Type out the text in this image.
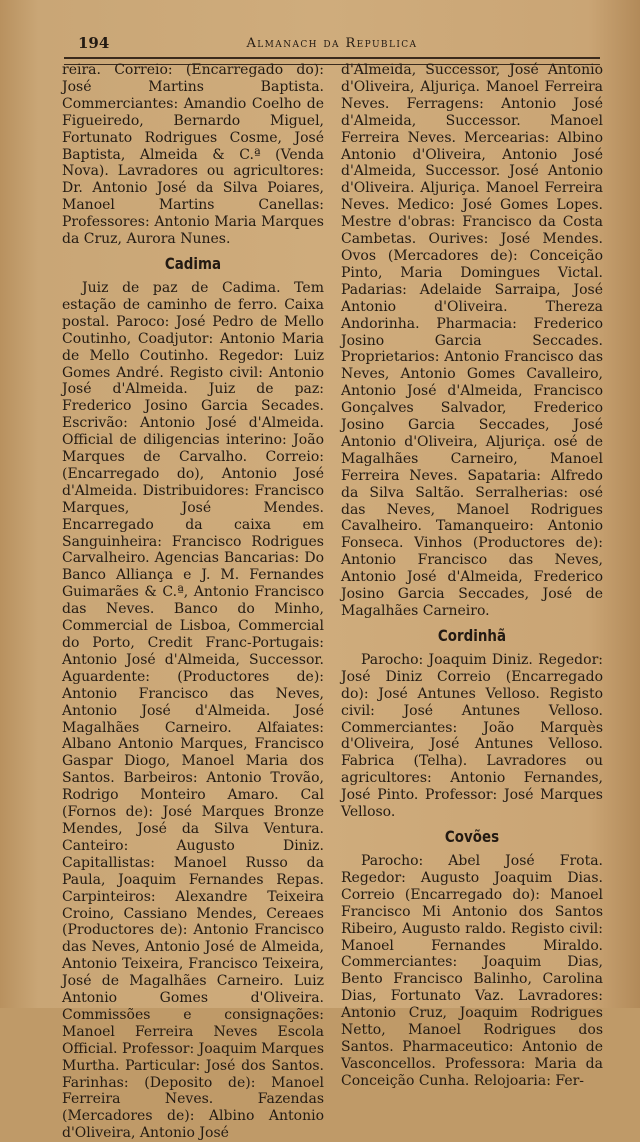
194	Almanach da Republica

reira. Correio: (Encarregado do): José Martins Baptista. Commerciantes: Amandio Coelho de Figueiredo, Bernardo Miguel, Fortunato Rodrigues Cosme, José Baptista, Almeida & C.ª (Venda Nova). Lavradores ou agricultores: Dr. Antonio José da Silva Poiares, Manoel Martins Canellas: Professores: Antonio Maria Marques da Cruz, Aurora Nunes.

Cadima

Juiz de paz de Cadima. Tem estação de caminho de ferro. Caixa postal. Paroco: José Pedro de Mello Coutinho, Coadjutor: Antonio Maria de Mello Coutinho. Regedor: Luiz Gomes André. Registo civil: Antonio José d'Almeida. Juiz de paz: Frederico Josino Garcia Secades. Escrivão: Antonio José d'Almeida. Official de diligencias interino: João Marques de Carvalho. Correio: (Encarregado do), Antonio José d'Almeida. Distribuidores: Francisco Marques, José Mendes. Encarregado da caixa em Sanguinheira: Francisco Rodrigues Carvalheiro. Agencias Bancarias: Do Banco Alliança e J. M. Fernandes Guimarães & C.ª, Antonio Francisco das Neves. Banco do Minho, Commercial de Lisboa, Commercial do Porto, Credit Franc-Portugais: Antonio José d'Almeida, Successor. Aguardente: (Productores de): Antonio Francisco das Neves, Antonio José d'Almeida. José Magalhães Carneiro. Alfaiates: Albano Antonio Marques, Francisco Gaspar Diogo, Manoel Maria dos Santos. Barbeiros: Antonio Trovão, Rodrigo Monteiro Amaro. Cal (Fornos de): José Marques Bronze Mendes, José da Silva Ventura. Canteiro: Augusto Diniz. Capitallistas: Manoel Russo da Paula, Joaquim Fernandes Repas. Carpinteiros: Alexandre Teixeira Croino, Cassiano Mendes, Cereaes (Productores de): Antonio Francisco das Neves, Antonio José de Almeida, Antonio Teixeira, Francisco Teixeira, José de Magalhães Carneiro. Luiz Antonio Gomes d'Oliveira. Commissões e consignações: Manoel Ferreira Neves Escola Official. Professor: Joaquim Marques Murtha. Particular: José dos Santos. Farinhas: (Deposito de): Manoel Ferreira Neves. Fazendas (Mercadores de): Albino Antonio d'Oliveira, Antonio José

d'Almeida, Successor, José Antonio d'Oliveira, Aljuriça. Manoel Ferreira Neves. Ferragens: Antonio José d'Almeida, Successor. Manoel Ferreira Neves. Mercearias: Albino Antonio d'Oliveira, Antonio José d'Almeida, Successor. José Antonio d'Oliveira. Aljuriça. Manoel Ferreira Neves. Medico: José Gomes Lopes. Mestre d'obras: Francisco da Costa Cambetas. Ourives: José Mendes. Ovos (Mercadores de): Conceição Pinto, Maria Domingues Victal. Padarias: Adelaide Sarraipa, José Antonio d'Oliveira. Thereza Andorinha. Pharmacia: Frederico Josino Garcia Seccades. Proprietarios: Antonio Francisco das Neves, Antonio Gomes Cavalleiro, Antonio José d'Almeida, Francisco Gonçalves Salvador, Frederico Josino Garcia Seccades, José Antonio d'Oliveira, Aljuriça. osé de Magalhães Carneiro, Manoel Ferreira Neves. Sapataria: Alfredo da Silva Saltão. Serralherias: osé das Neves, Manoel Rodrigues Cavalheiro. Tamanqueiro: Antonio Fonseca. Vinhos (Productores de): Antonio Francisco das Neves, Antonio José d'Almeida, Frederico Josino Garcia Seccades, José de Magalhães Carneiro.

Cordinhã

Parocho: Joaquim Diniz. Regedor: José Diniz Correio (Encarregado do): José Antunes Velloso. Registo civil: José Antunes Velloso. Commerciantes: João Marquès d'Oliveira, José Antunes Velloso. Fabrica (Telha). Lavradores ou agricultores: Antonio Fernandes, José Pinto. Professor: José Marques Velloso.

Covões

Parocho: Abel José Frota. Regedor: Augusto Joaquim Dias. Correio (Encarregado do): Manoel Francisco Mi Antonio dos Santos Ribeiro, Augusto raldo. Registo civil: Manoel Fernandes Miraldo. Commerciantes: Joaquim Dias, Bento Francisco Balinho, Carolina Dias, Fortunato Vaz. Lavradores: Antonio Cruz, Joaquim Rodrigues Netto, Manoel Rodrigues dos Santos. Pharmaceutico: Antonio de Vasconcellos. Professora: Maria da Conceição Cunha. Relojoaria: Fer-
